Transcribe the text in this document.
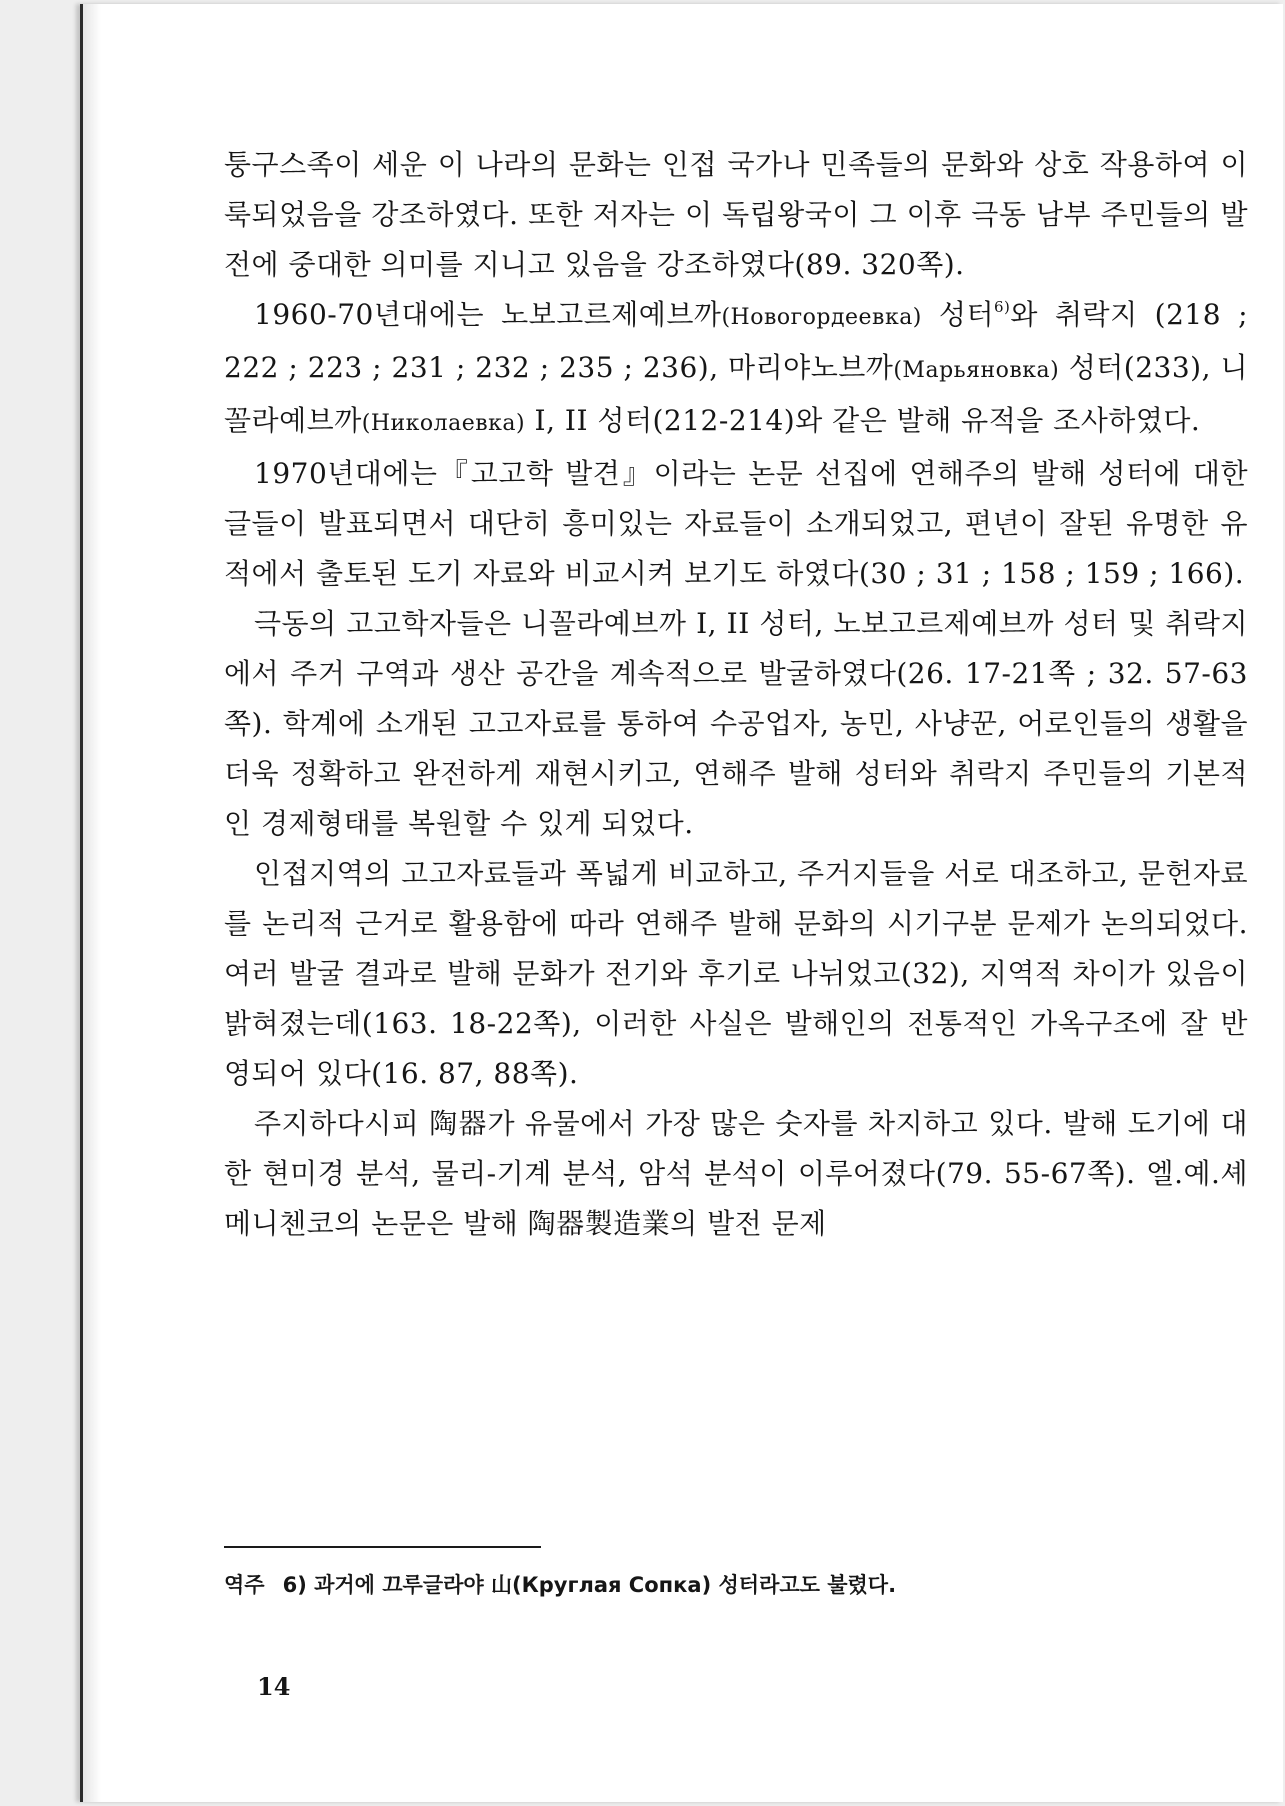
퉁구스족이 세운 이 나라의 문화는 인접 국가나 민족들의 문화와 상호 작용하여 이룩되었음을 강조하였다. 또한 저자는 이 독립왕국이 그 이후 극동 남부 주민들의 발전에 중대한 의미를 지니고 있음을 강조하였다(89. 320쪽).

1960-70년대에는 노보고르제예브까(Новогордеевка) 성터$^{6)}$와 취락지 (218 ; 222 ; 223 ; 231 ; 232 ; 235 ; 236), 마리야노브까(Марьяновка) 성터(233), 니꼴라예브까(Николаевка) I, II 성터(212-214)와 같은 발해 유적을 조사하였다.

1970년대에는『고고학 발견』이라는 논문 선집에 연해주의 발해 성터에 대한 글들이 발표되면서 대단히 흥미있는 자료들이 소개되었고, 편년이 잘된 유명한 유적에서 출토된 도기 자료와 비교시켜 보기도 하였다(30 ; 31 ; 158 ; 159 ; 166).

극동의 고고학자들은 니꼴라예브까 I, II 성터, 노보고르제예브까 성터 및 취락지에서 주거 구역과 생산 공간을 계속적으로 발굴하였다(26. 17-21쪽 ; 32. 57-63쪽). 학계에 소개된 고고자료를 통하여 수공업자, 농민, 사냥꾼, 어로인들의 생활을 더욱 정확하고 완전하게 재현시키고, 연해주 발해 성터와 취락지 주민들의 기본적인 경제형태를 복원할 수 있게 되었다.

인접지역의 고고자료들과 폭넓게 비교하고, 주거지들을 서로 대조하고, 문헌자료를 논리적 근거로 활용함에 따라 연해주 발해 문화의 시기구분 문제가 논의되었다. 여러 발굴 결과로 발해 문화가 전기와 후기로 나뉘었고(32), 지역적 차이가 있음이 밝혀졌는데(163. 18-22쪽), 이러한 사실은 발해인의 전통적인 가옥구조에 잘 반영되어 있다(16. 87, 88쪽).

주지하다시피 陶器가 유물에서 가장 많은 숫자를 차지하고 있다. 발해 도기에 대한 현미경 분석, 물리-기계 분석, 암석 분석이 이루어졌다(79. 55-67쪽). 엘.예.셰메니첸코의 논문은 발해 陶器製造業의 발전 문제

역주 6) 과거에 끄루글라야 山(Круглая Сопка) 성터라고도 불렸다.
14
